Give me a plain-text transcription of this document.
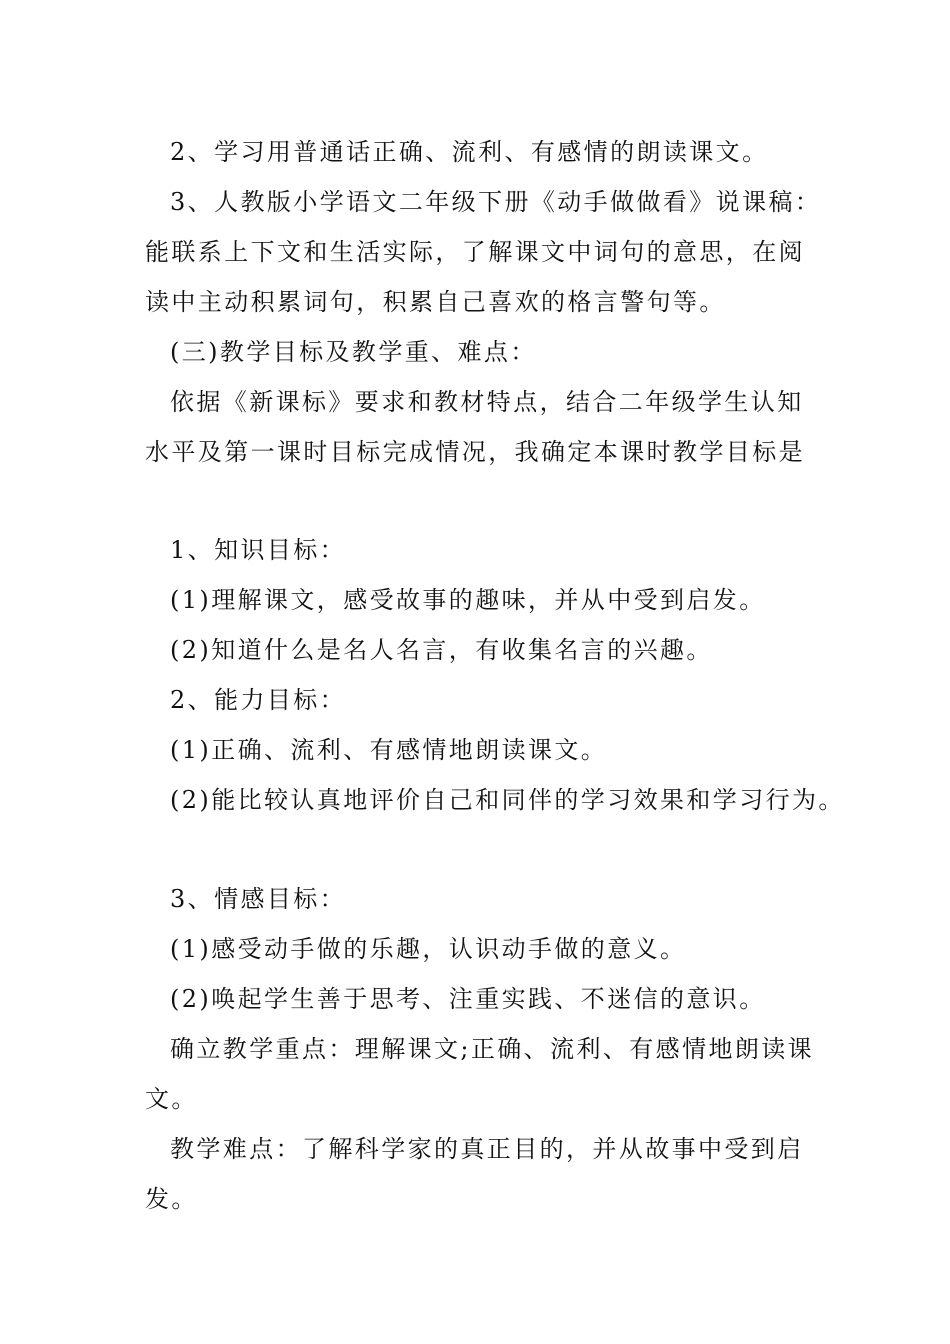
2、学习用普通话正确、流利、有感情的朗读课文。
3、人教版小学语文二年级下册《动手做做看》说课稿：
能联系上下文和生活实际，了解课文中词句的意思，在阅
读中主动积累词句，积累自己喜欢的格言警句等。
(三)教学目标及教学重、难点：
依据《新课标》要求和教材特点，结合二年级学生认知
水平及第一课时目标完成情况，我确定本课时教学目标是
1、知识目标：
(1)理解课文，感受故事的趣味，并从中受到启发。
(2)知道什么是名人名言，有收集名言的兴趣。
2、能力目标：
(1)正确、流利、有感情地朗读课文。
(2)能比较认真地评价自己和同伴的学习效果和学习行为。
3、情感目标：
(1)感受动手做的乐趣，认识动手做的意义。
(2)唤起学生善于思考、注重实践、不迷信的意识。
确立教学重点：理解课文;正确、流利、有感情地朗读课
文。
教学难点：了解科学家的真正目的，并从故事中受到启
发。
